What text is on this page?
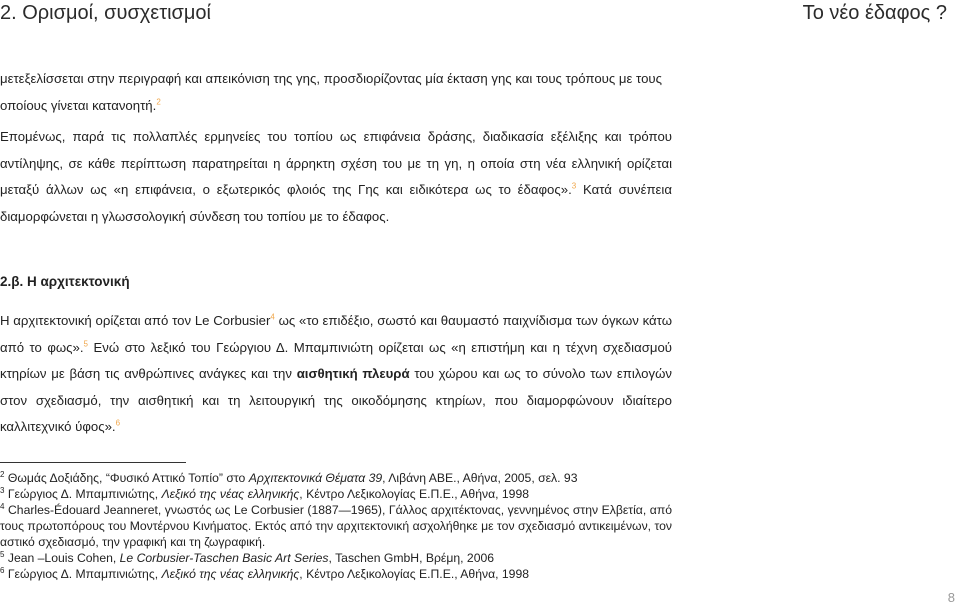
2. Ορισμοί, συσχετισμοί	Το νέο έδαφος ?
μετεξελίσσεται στην περιγραφή και απεικόνιση της γης, προσδιορίζοντας μία έκταση γης και τους τρόπους με τους
οποίους γίνεται κατανοητή.$^2$
Επομένως, παρά τις πολλαπλές ερμηνείες του τοπίου ως επιφάνεια δράσης, διαδικασία εξέλιξης και τρόπου αντίληψης, σε κάθε περίπτωση παρατηρείται η άρρηκτη σχέση του με τη γη, η οποία στη νέα ελληνική ορίζεται μεταξύ άλλων ως «η επιφάνεια, ο εξωτερικός φλοιός της Γης και ειδικότερα ως το έδαφος».$^3$ Κατά συνέπεια διαμορφώνεται η γλωσσολογική σύνδεση του τοπίου με το έδαφος.
2.β. Η αρχιτεκτονική
Η αρχιτεκτονική ορίζεται από τον Le Corbusier$^4$ ως «το επιδέξιο, σωστό και θαυμαστό παιχνίδισμα των όγκων κάτω από το φως».$^5$ Ενώ στο λεξικό του Γεώργιου Δ. Μπαμπινιώτη ορίζεται ως «η επιστήμη και η τέχνη σχεδιασμού κτηρίων με βάση τις ανθρώπινες ανάγκες και την αισθητική πλευρά του χώρου και ως το σύνολο των επιλογών στον σχεδιασμό, την αισθητική και τη λειτουργική της οικοδόμησης κτηρίων, που διαμορφώνουν ιδιαίτερο καλλιτεχνικό ύφος».$^6$
$^2$ Θωμάς Δοξιάδης, “Φυσικό Αττικό Τοπίο” στο Αρχιτεκτονικά Θέματα 39, Λιβάνη ΑΒΕ., Αθήνα, 2005, σελ. 93
$^3$ Γεώργιος Δ. Μπαμπινιώτης, Λεξικό της νέας ελληνικής, Κέντρο Λεξικολογίας Ε.Π.Ε., Αθήνα, 1998
$^4$ Charles-Édouard Jeanneret, γνωστός ως Le Corbusier (1887—1965), Γάλλος αρχιτέκτονας, γεννημένος στην Ελβετία, από τους πρωτοπόρους του Μοντέρνου Κινήματος. Εκτός από την αρχιτεκτονική ασχολήθηκε με τον σχεδιασμό αντικειμένων, τον αστικό σχεδιασμό, την γραφική και τη ζωγραφική.
$^5$ Jean –Louis Cohen, Le Corbusier-Taschen Basic Art Series, Taschen GmbH, Βρέμη, 2006
$^6$ Γεώργιος Δ. Μπαμπινιώτης, Λεξικό της νέας ελληνικής, Κέντρο Λεξικολογίας Ε.Π.Ε., Αθήνα, 1998
8
